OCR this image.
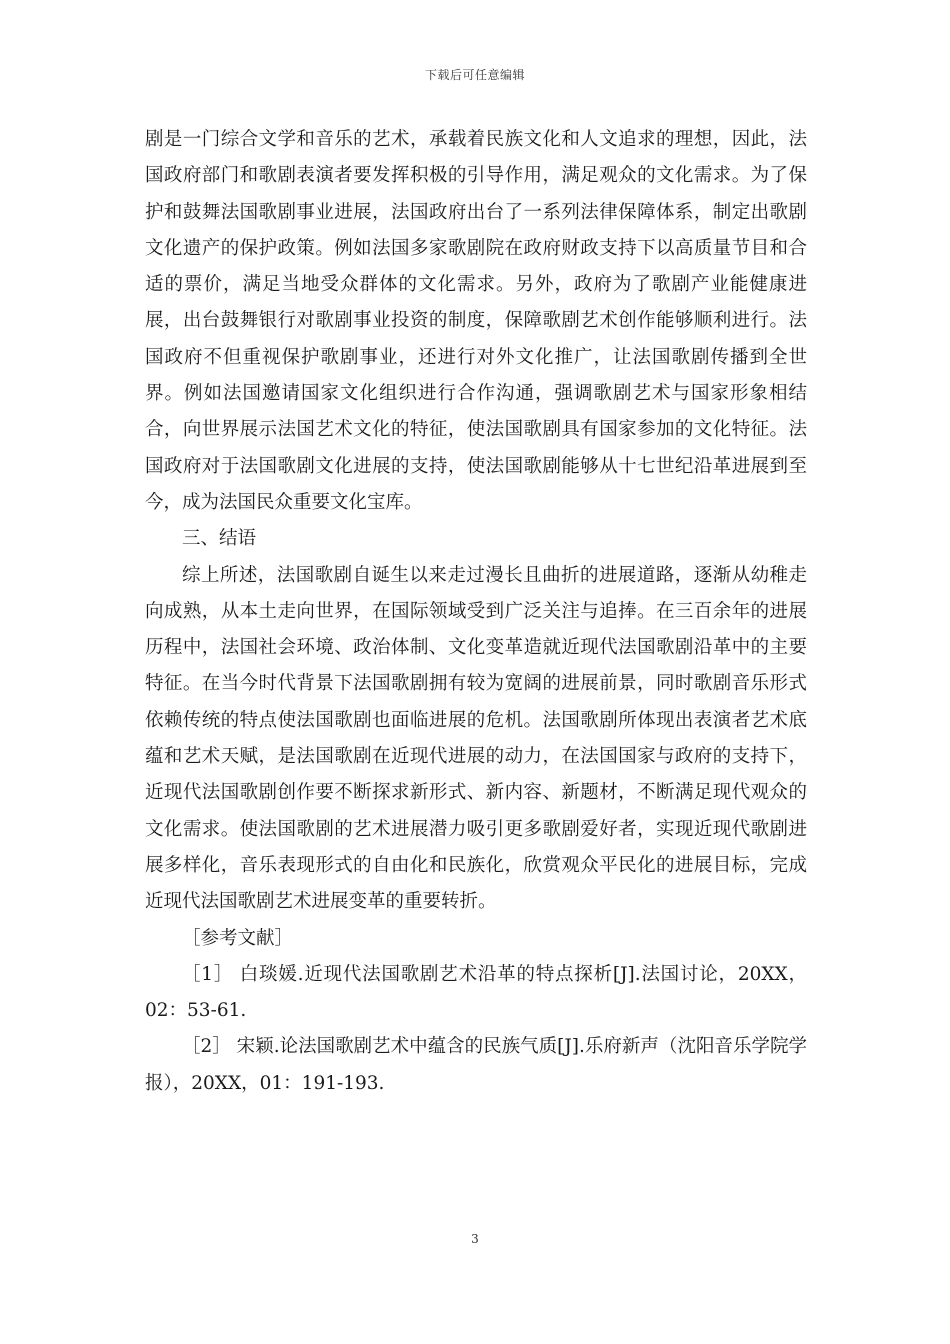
下载后可任意编辑

剧是一门综合文学和音乐的艺术，承载着民族文化和人文追求的理想，因此，法国政府部门和歌剧表演者要发挥积极的引导作用，满足观众的文化需求。为了保护和鼓舞法国歌剧事业进展，法国政府出台了一系列法律保障体系，制定出歌剧文化遗产的保护政策。例如法国多家歌剧院在政府财政支持下以高质量节目和合适的票价，满足当地受众群体的文化需求。另外，政府为了歌剧产业能健康进展，出台鼓舞银行对歌剧事业投资的制度，保障歌剧艺术创作能够顺利进行。法国政府不但重视保护歌剧事业，还进行对外文化推广，让法国歌剧传播到全世界。例如法国邀请国家文化组织进行合作沟通，强调歌剧艺术与国家形象相结合，向世界展示法国艺术文化的特征，使法国歌剧具有国家参加的文化特征。法国政府对于法国歌剧文化进展的支持，使法国歌剧能够从十七世纪沿革进展到至今，成为法国民众重要文化宝库。

三、结语

综上所述，法国歌剧自诞生以来走过漫长且曲折的进展道路，逐渐从幼稚走向成熟，从本土走向世界，在国际领域受到广泛关注与追捧。在三百余年的进展历程中，法国社会环境、政治体制、文化变革造就近现代法国歌剧沿革中的主要特征。在当今时代背景下法国歌剧拥有较为宽阔的进展前景，同时歌剧音乐形式依赖传统的特点使法国歌剧也面临进展的危机。法国歌剧所体现出表演者艺术底蕴和艺术天赋，是法国歌剧在近现代进展的动力，在法国国家与政府的支持下，近现代法国歌剧创作要不断探求新形式、新内容、新题材，不断满足现代观众的文化需求。使法国歌剧的艺术进展潜力吸引更多歌剧爱好者，实现近现代歌剧进展多样化，音乐表现形式的自由化和民族化，欣赏观众平民化的进展目标，完成近现代法国歌剧艺术进展变革的重要转折。

［参考文献］

［1］ 白琰媛.近现代法国歌剧艺术沿革的特点探析[J].法国讨论，20XX，02：53-61.

［2］ 宋颖.论法国歌剧艺术中蕴含的民族气质[J].乐府新声（沈阳音乐学院学报），20XX，01：191-193.

3
